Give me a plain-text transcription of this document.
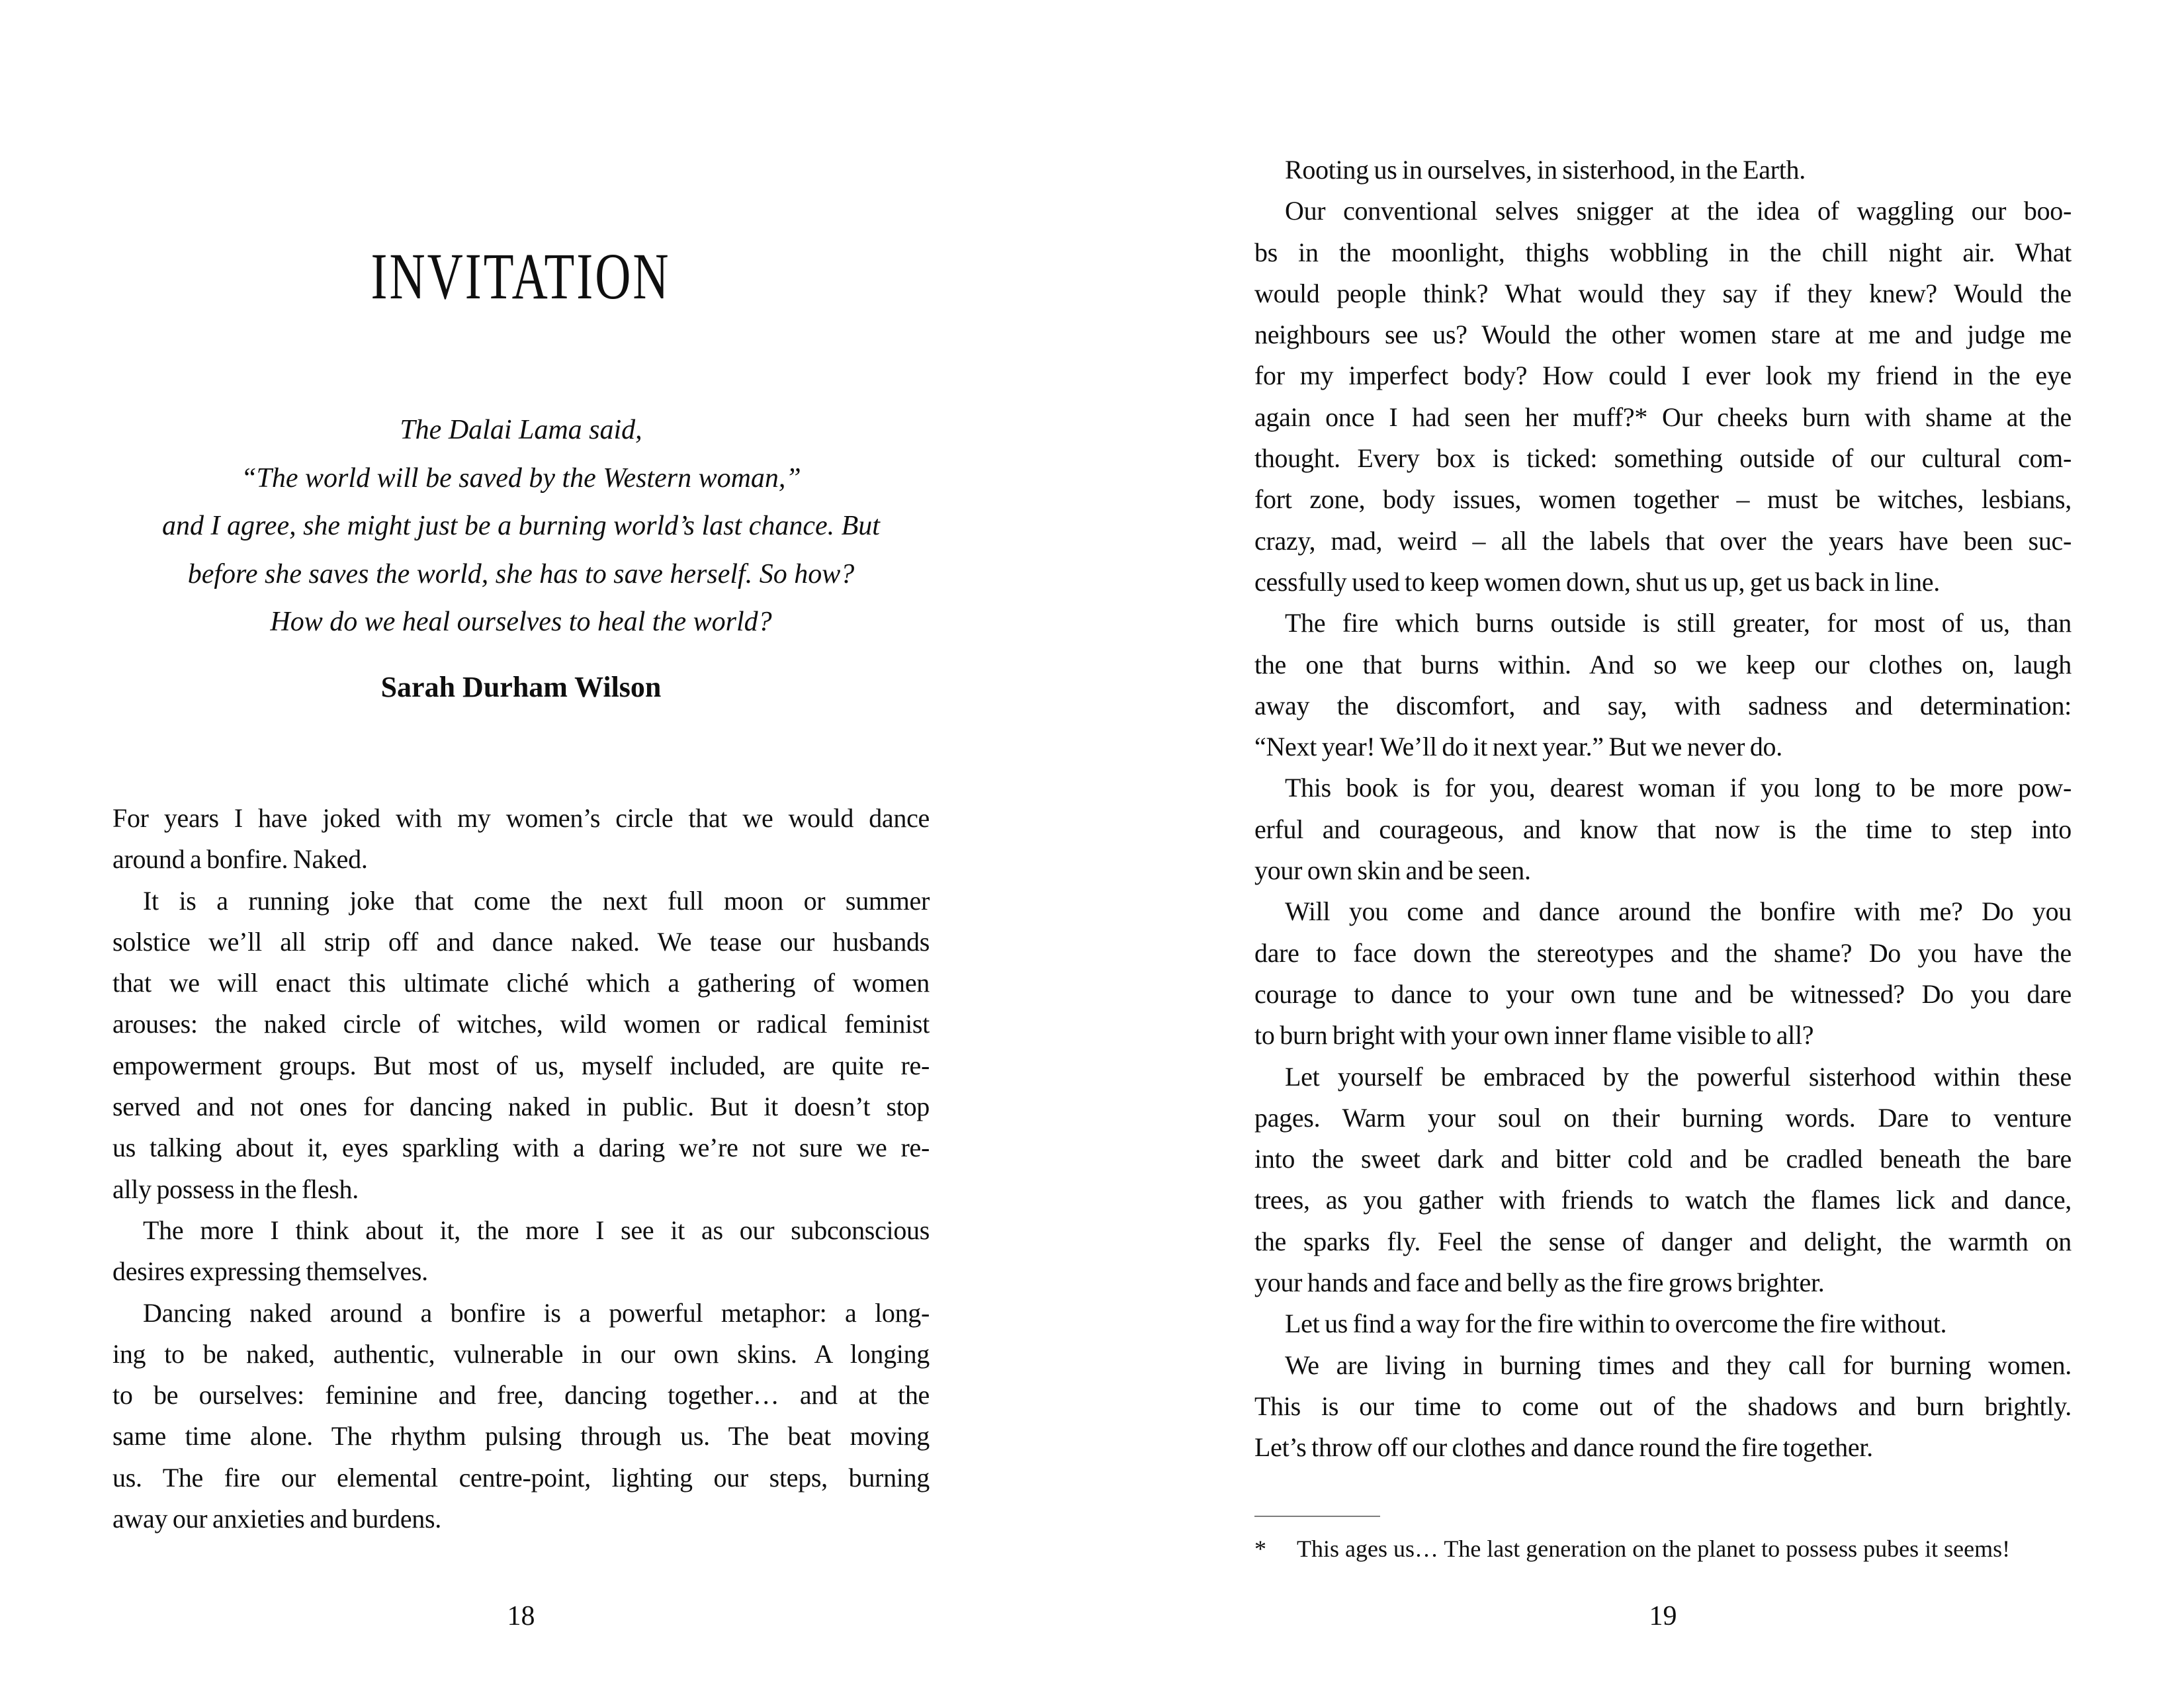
INVITATION
The Dalai Lama said,
“The world will be saved by the Western woman,”
and I agree, she might just be a burning world’s last chance. But
before she saves the world, she has to save herself. So how?
How do we heal ourselves to heal the world?
Sarah Durham Wilson
For years I have joked with my women’s circle that we would dance
around a bonfire. Naked.
It is a running joke that come the next full moon or summer
solstice we’ll all strip off and dance naked. We tease our husbands
that we will enact this ultimate cliché which a gathering of women
arouses: the naked circle of witches, wild women or radical feminist
empowerment groups. But most of us, myself included, are quite re-
served and not ones for dancing naked in public. But it doesn’t stop
us talking about it, eyes sparkling with a daring we’re not sure we re-
ally possess in the flesh.
The more I think about it, the more I see it as our subconscious
desires expressing themselves.
Dancing naked around a bonfire is a powerful metaphor: a long-
ing to be naked, authentic, vulnerable in our own skins. A longing
to be ourselves: feminine and free, dancing together… and at the
same time alone. The rhythm pulsing through us. The beat moving
us. The fire our elemental centre-point, lighting our steps, burning
away our anxieties and burdens.
18
Rooting us in ourselves, in sisterhood, in the Earth.
Our conventional selves snigger at the idea of waggling our boo-
bs in the moonlight, thighs wobbling in the chill night air. What
would people think? What would they say if they knew? Would the
neighbours see us? Would the other women stare at me and judge me
for my imperfect body? How could I ever look my friend in the eye
again once I had seen her muff?* Our cheeks burn with shame at the
thought. Every box is ticked: something outside of our cultural com-
fort zone, body issues, women together – must be witches, lesbians,
crazy, mad, weird – all the labels that over the years have been suc-
cessfully used to keep women down, shut us up, get us back in line.
The fire which burns outside is still greater, for most of us, than
the one that burns within. And so we keep our clothes on, laugh
away the discomfort, and say, with sadness and determination:
“Next year! We’ll do it next year.” But we never do.
This book is for you, dearest woman if you long to be more pow-
erful and courageous, and know that now is the time to step into
your own skin and be seen.
Will you come and dance around the bonfire with me? Do you
dare to face down the stereotypes and the shame? Do you have the
courage to dance to your own tune and be witnessed? Do you dare
to burn bright with your own inner flame visible to all?
Let yourself be embraced by the powerful sisterhood within these
pages. Warm your soul on their burning words. Dare to venture
into the sweet dark and bitter cold and be cradled beneath the bare
trees, as you gather with friends to watch the flames lick and dance,
the sparks fly. Feel the sense of danger and delight, the warmth on
your hands and face and belly as the fire grows brighter.
Let us find a way for the fire within to overcome the fire without.
We are living in burning times and they call for burning women.
This is our time to come out of the shadows and burn brightly.
Let’s throw off our clothes and dance round the fire together.
*	This ages us… The last generation on the planet to possess pubes it seems!
19
